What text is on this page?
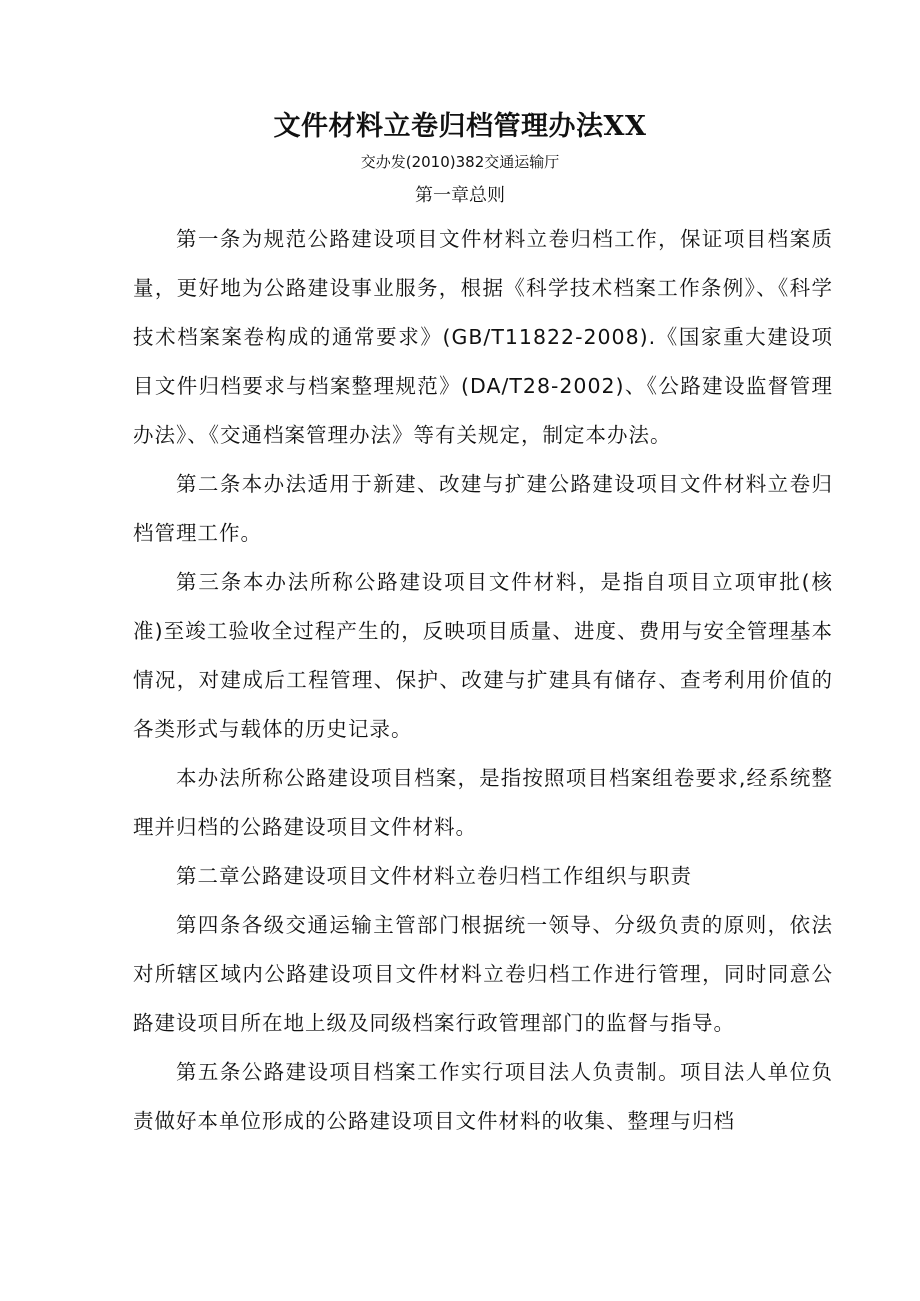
文件材料立卷归档管理办法XX
交办发(2010)382交通运输厅
第一章总则

第一条为规范公路建设项目文件材料立卷归档工作，保证项目档案质量，更好地为公路建设事业服务，根据《科学技术档案工作条例》、《科学技术档案案卷构成的通常要求》(GB/T11822-2008).《国家重大建设项目文件归档要求与档案整理规范》(DA/T28-2002)、《公路建设监督管理办法》、《交通档案管理办法》等有关规定，制定本办法。

第二条本办法适用于新建、改建与扩建公路建设项目文件材料立卷归档管理工作。

第三条本办法所称公路建设项目文件材料，是指自项目立项审批(核准)至竣工验收全过程产生的，反映项目质量、进度、费用与安全管理基本情况，对建成后工程管理、保护、改建与扩建具有储存、查考利用价值的各类形式与载体的历史记录。

本办法所称公路建设项目档案，是指按照项目档案组卷要求,经系统整理并归档的公路建设项目文件材料。

第二章公路建设项目文件材料立卷归档工作组织与职责

第四条各级交通运输主管部门根据统一领导、分级负责的原则，依法对所辖区域内公路建设项目文件材料立卷归档工作进行管理，同时同意公路建设项目所在地上级及同级档案行政管理部门的监督与指导。

第五条公路建设项目档案工作实行项目法人负责制。项目法人单位负责做好本单位形成的公路建设项目文件材料的收集、整理与归档
